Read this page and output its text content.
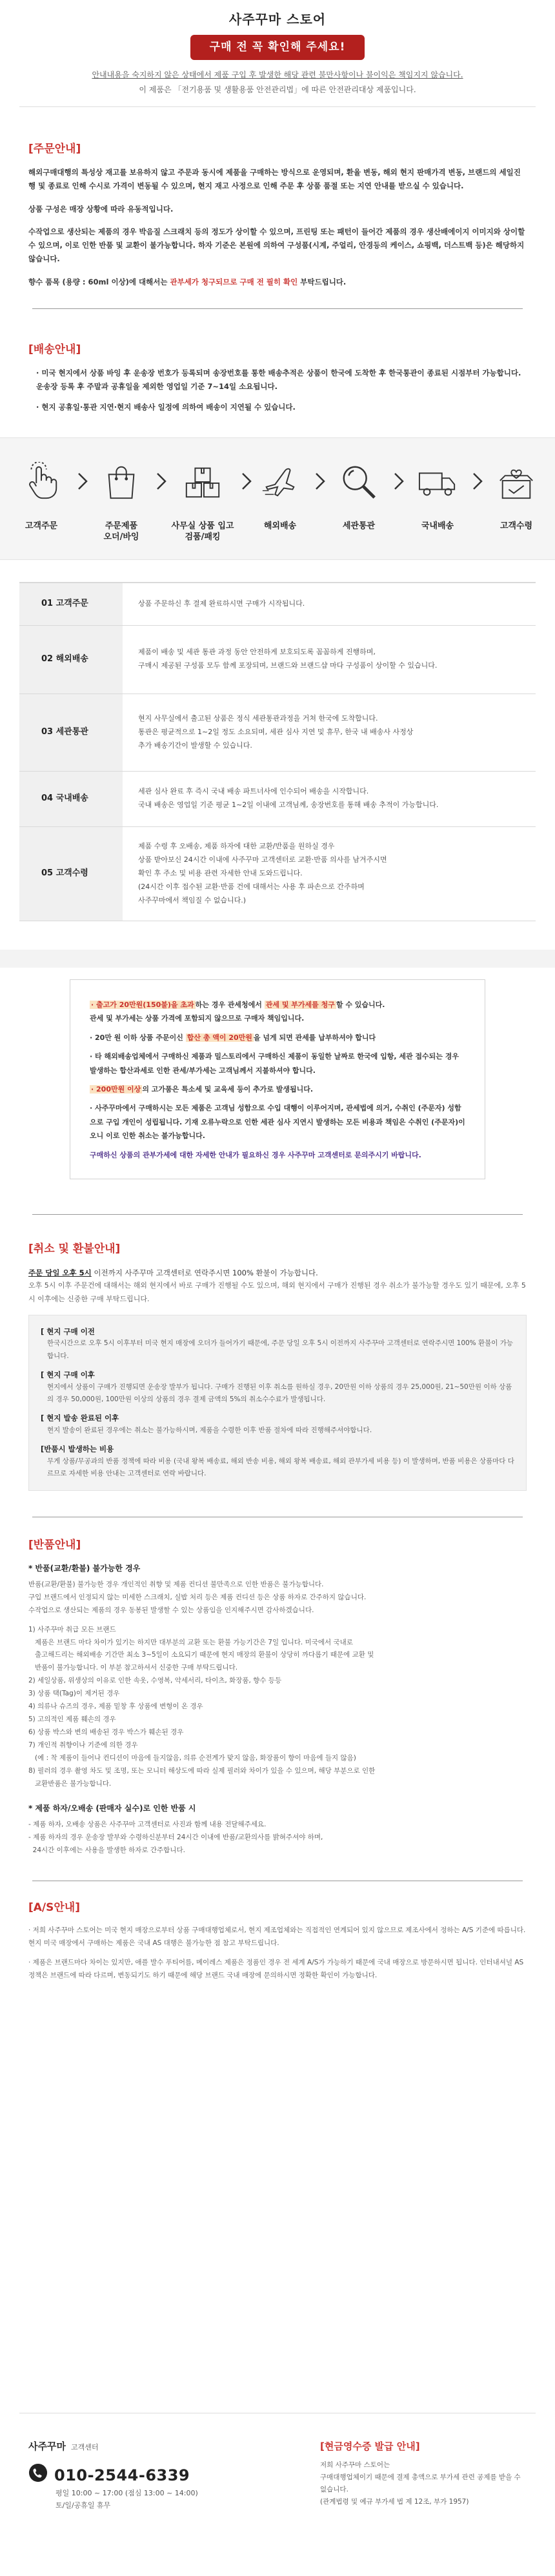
사주꾸마 스토어
구매 전 꼭 확인해 주세요!
안내내용을 숙지하지 않은 상태에서 제품 구입 후 발생한 해당 관련 불만사항이나 불이익은 책임지지 않습니다.
이 제품은 「전기용품 및 생활용품 안전관리법」에 따른 안전관리대상 제품입니다.
[주문안내]
해외구매대행의 특성상 재고를 보유하지 않고 주문과 동시에 제품을 구매하는 방식으로 운영되며, 환율 변동, 해외 현지 판매가격 변동, 브랜드의 세일진행 및 종료로 인해 수시로 가격이 변동될 수 있으며, 현지 재고 사정으로 인해 주문 후 상품 품절 또는 지연 안내를 받으실 수 있습니다.
상품 구성은 매장 상황에 따라 유동적입니다.
수작업으로 생산되는 제품의 경우 박음질 스크래치 등의 정도가 상이할 수 있으며, 프린팅 또는 패턴이 들어간 제품의 경우 생산배에이지 이미지와 상이할 수 있으며, 이로 인한 반품 및 교환이 불가능합니다. 하자 기준은 본원에 의하여 구성품(시계, 주얼리, 안경등의 케이스, 쇼핑백, 더스트백 등)은 해당하지 않습니다.
향수 품목 (용량 : 60ml 이상)에 대해서는 관부세가 청구되므로 구매 전 필히 확인 부탁드립니다.
[배송안내]
· 미국 현지에서 상품 바잉 후 운송장 번호가 등록되며 송장번호를 통한 배송추적은 상품이 한국에 도착한 후 한국통관이 종료된 시점부터 가능합니다. 운송장 등록 후 주말과 공휴일을 제외한 영업일 기준 7~14일 소요됩니다.
· 현지 공휴일·통관 지연·현지 배송사 일정에 의하여 배송이 지연될 수 있습니다.
고객주문	주문제품
오더/바잉
사무실 상품 입고
검품/패킹
해외배송	세관통관	국내배송	고객수령
01 고객주문	상품 주문하신 후 결제 완료하시면 구매가 시작됩니다.
02 해외배송
제품이 배송 및 세관 통관 과정 동안 안전하게 보호되도록 꼼꼼하게 진행하며,
구매시 제공된 구성품 모두 함께 포장되며, 브랜드와 브랜드샵 마다 구성품이 상이할 수 있습니다.
03 세관통관
현지 사무실에서 출고된 상품은 정식 세관통관과정을 거쳐 한국에 도착합니다.
통관은 평균적으로 1~2일 정도 소요되며, 세관 심사 지연 및 휴무, 한국 내 배송사 사정상
추가 배송기간이 발생할 수 있습니다.
04 국내배송
세관 심사 완료 후 즉시 국내 배송 파트너사에 인수되어 배송을 시작합니다.
국내 배송은 영업일 기준 평균 1~2일 이내에 고객님께, 송장번호를 통해 배송 추적이 가능합니다.
05 고객수령
제품 수령 후 오배송, 제품 하자에 대한 교환/반품을 원하실 경우
상품 받아보신 24시간 이내에 사주꾸마 고객센터로 교환·반품 의사를 남겨주시면
확인 후 주소 및 비용 관련 자세한 안내 도와드립니다.
(24시간 이후 접수된 교환·반품 건에 대해서는 사용 후 파손으로 간주하며
사주꾸마에서 책임질 수 없습니다.)
· 출고가 20만원(150불)을 초과 하는 경우 관세청에서 관세 및 부가세를 청구 할 수 있습니다.
관세 및 부가세는 상품 가격에 포함되지 않으므로 구매자 책임입니다.
· 20만 원 이하 상품 주문이신 합산 총 액이 20만원 을 넘게 되면 관세를 납부하셔야 합니다
· 타 해외배송업체에서 구매하신 제품과 밀스토리에서 구매하신 제품이 동일한 날짜로 한국에 입항, 세관 접수되는 경우 발생하는 합산과세로 인한 관세/부가세는 고객님께서 지불하셔야 합니다.
· 200만원 이상 의 고가품은 특소세 및 교육세 등이 추가로 발생됩니다.
· 사주꾸마에서 구매하시는 모든 제품은 고객님 성함으로 수입 대행이 이루어지며, 관세법에 의거, 수취인 (주문자) 성함으로 구입 개인이 성립됩니다. 기재 오류누락으로 인한 세관 심사 지연시 발생하는 모든 비용과 책임은 수취인 (주문자)이오니 이로 인한 취소는 불가능합니다.
구매하신 상품의 관부가세에 대한 자세한 안내가 필요하신 경우 사주꾸마 고객센터로 문의주시기 바랍니다.
[취소 및 환불안내]
주문 당일 오후 5시 이전까지 사주꾸마 고객센터로 연락주시면 100% 환불이 가능합니다.
오후 5시 이후 주문건에 대해서는 해외 현지에서 바로 구매가 진행될 수도 있으며, 해외 현지에서 구매가 진행된 경우 취소가 불가능할 경우도 있기 때문에, 오후 5시 이후에는 신중한 구매 부탁드립니다.
[ 현지 구매 이전
한국시간으로 오후 5시 이후부터 미국 현지 매장에 오더가 들어가기 때문에, 주문 당일 오후 5시 이전까지 사주꾸마 고객센터로 연락주시면 100% 환불이 가능합니다.
[ 현지 구매 이후
현지에서 상품이 구매가 진행되면 운송장 발부가 됩니다. 구매가 진행된 이후 취소를 원하실 경우, 20만원 이하 상품의 경우 25,000원, 21~50만원 이하 상품의 경우 50,000원, 100만원 이상의 상품의 경우 결제 금액의 5%의 취소수수료가 발생됩니다.
[ 현지 발송 완료된 이후
현지 발송이 완료된 경우에는 취소는 불가능하시며, 제품을 수령한 이후 반품 절차에 따라 진행해주셔야합니다.
[반품시 발생하는 비용
무게 상품/무공과의 반품 정책에 따라 비용 (국내 왕복 배송료, 해외 반송 비용, 해외 왕복 배송료, 해외 관부가세 비용 등) 이 발생하며, 반품 비용은 상품마다 다르므로 자세한 비용 안내는 고객센터로 연락 바랍니다.
[반품안내]
* 반품(교환/환불) 불가능한 경우
반품(교환/환불) 불가능한 경우 개인적인 취향 및 제품 컨디션 불만족으로 인한 반품은 불가능합니다.
구입 브랜드에서 인정되지 않는 미세한 스크래치, 실밥 처리 등은 제품 컨디션 등은 상품 하자로 간주하지 않습니다.
수작업으로 생산되는 제품의 경우 동봉된 발생할 수 있는 상품임을 인지해주시면 감사하겠습니다.
1) 사주꾸마 취급 모든 브랜드
제품은 브랜드 마다 차이가 있기는 하지만 대부분의 교환 또는 환불 가능기간은 7일 입니다. 미국에서 국내로
출고해드리는 해외배송 기간만 최소 3~5일이 소요되기 때문에 현지 매장의 환불이 상당히 까다롭기 때문에 교환 및
반품이 불가능합니다. 이 부분 참고하셔서 신중한 구매 부탁드립니다.
2) 세일상품, 위생상의 이유로 인한 속옷, 수영복, 악세서리, 타이츠, 화장품, 향수 등등
3) 상품 택(Tag)이 제거된 경우
4) 의류나 슈즈의 경우, 제품 밑창 후 상품에 변형이 온 경우
5) 고의적인 제품 훼손의 경우
6) 상품 박스와 변의 배송된 경우 박스가 훼손된 경우
7) 개인적 취향이나 기준에 의한 경우
(예 : 착 제품이 들어나 컨디션이 마음에 들지않음, 의류 순전계가 맞지 않음, 화장품이 향이 마음에 들지 않음)
8) 필러의 경우 촬영 차도 및 조명, 또는 모니터 해상도에 따라 실제 필러와 차이가 있을 수 있으며, 해당 부분으로 인한
교환반품은 불가능합니다.
* 제품 하자/오배송 (판매자 실수)로 인한 반품 시
- 제품 하자, 오배송 상품은 사주꾸마 고객센터로 사진과 함께 내용 전달해주세요.
- 제품 하자의 경우 운송장 발부와 수령하신분부터 24시간 이내에 반품/교환의사를 밝혀주셔야 하며,
24시간 이후에는 사용을 발생한 하자로 간주합니다.
[A/S안내]
· 저희 사주꾸마 스토어는 미국 현지 매장으로부터 상품 구매대행업체로서, 현지 제조업체와는 직접적인 연계되어 있지 않으므로 제조사에서 정하는 A/S 기준에 따릅니다. 현지 미국 매장에서 구매하는 제품은 국내 AS 대행은 불가능한 점 참고 부탁드립니다.
· 제품은 브랜드마다 차이는 있지만, 애플 발수 푸티어를, 메이레스 제품은 정품인 경우 전 세계 A/S가 가능하기 때문에 국내 매장으로 방문하시면 됩니다. 인터내셔널 AS 정책은 브랜드에 따라 다르며, 변동되기도 하기 때문에 해당 브랜드 국내 매장에 문의하시면 정확한 확인이 가능합니다.
사주꾸마 고객센터
010-2544-6339
평일 10:00 ~ 17:00 (점심 13:00 ~ 14:00)
토/일/공휴일 휴무
[현금영수증 발급 안내]
저희 사주꾸마 스토어는
구매대행업체이기 때문에 결제 총액으로 부가세 관련 공제를 받을 수 없습니다.
(관계법령 및 예규 부가세 법 제 12조, 부가 1957)
